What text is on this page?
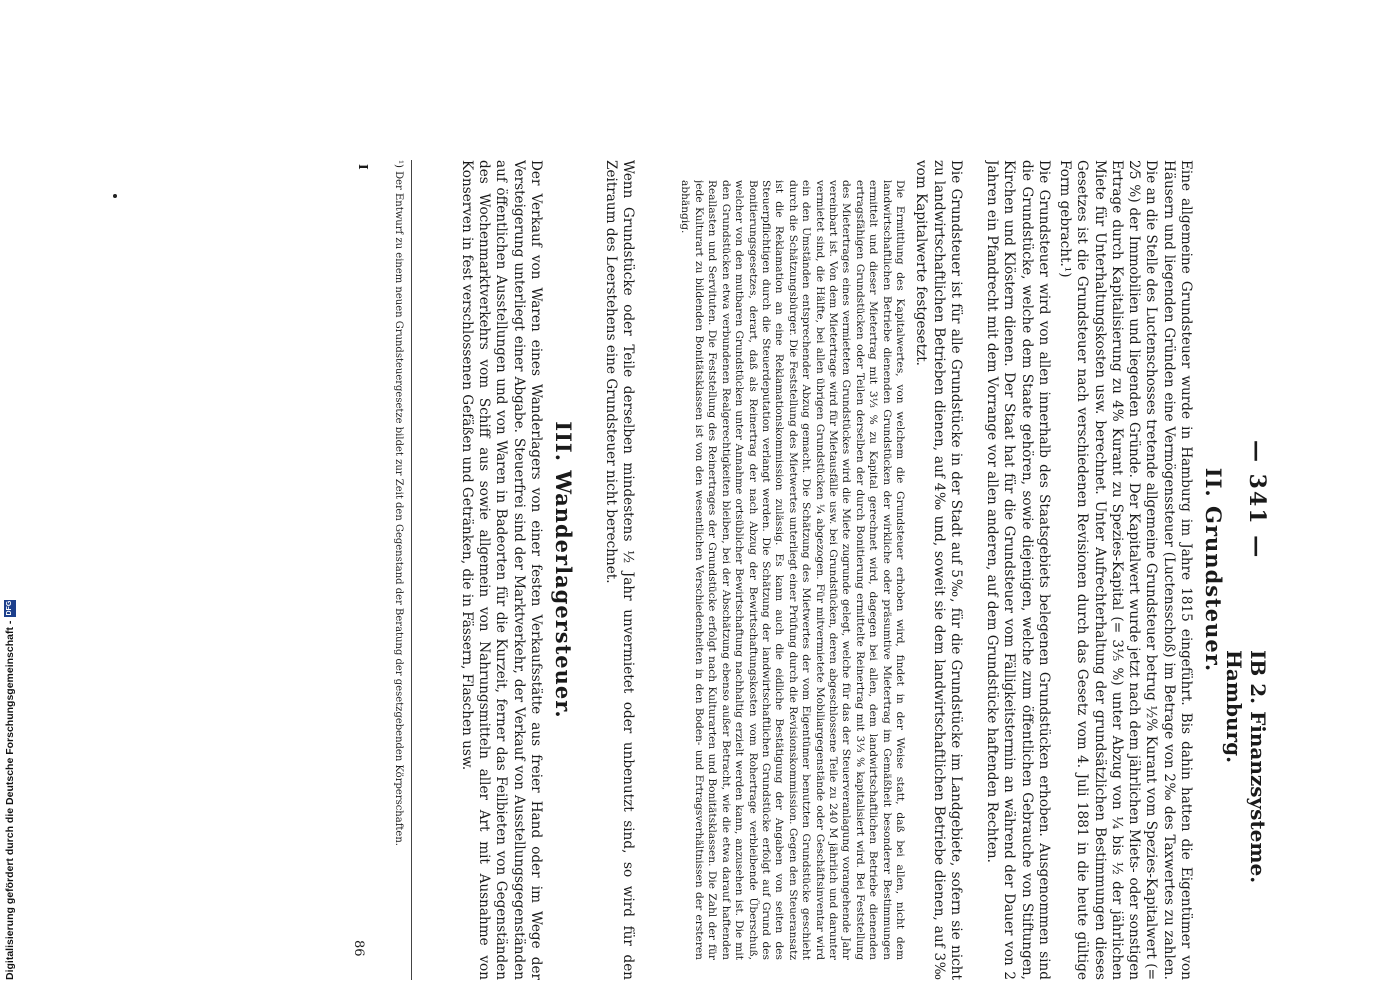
— 341 —
IB 2. Finanzsysteme. Hamburg.
II. Grundsteuer.
Eine allgemeine Grundsteuer wurde in Hamburg im Jahre 1815 eingeführt. Bis dahin hatten die Eigentümer von Häusern und liegenden Gründen eine Vermögenssteuer (Luctensschoß) im Betrage von 2‰ des Taxwertes zu zahlen. Die an die Stelle des Luctenschosses tretende allgemeine Grundsteuer betrug ½% Kurant vom Spezies-Kapitalwert (= 2⁄5 %) der Immobilien und liegenden Gründe. Der Kapitalwert wurde jetzt nach dem jährlichen Miets- oder sonstigen Ertrage durch Kapitalisierung zu 4% Kurant zu Spezies-Kapital (= 3⅕ %) unter Abzug von ¼ bis ½ der jährlichen Miete für Unterhaltungskosten usw. berechnet. Unter Aufrechterhaltung der grundsätzlichen Bestimmungen dieses Gesetzes ist die Grundsteuer nach verschiedenen Revisionen durch das Gesetz vom 4. Juli 1881 in die heute gültige Form gebracht.¹)
Die Grundsteuer wird von allen innerhalb des Staatsgebiets belegenen Grundstücken erhoben. Ausgenommen sind die Grundstücke, welche dem Staate gehören, sowie diejenigen, welche zum öffentlichen Gebrauche von Stiftungen, Kirchen und Klöstern dienen. Der Staat hat für die Grundsteuer vom Fälligkeitstermin an während der Dauer von 2 Jahren ein Pfandrecht mit dem Vorrange vor allen anderen, auf dem Grundstücke haftenden Rechten.
Die Grundsteuer ist für alle Grundstücke in der Stadt auf 5‰, für die Grundstücke im Landgebiete, sofern sie nicht zu landwirtschaftlichen Betrieben dienen, auf 4‰ und, soweit sie dem landwirtschaftlichen Betriebe dienen, auf 3‰ vom Kapitalwerte festgesetzt.
Die Ermittlung des Kapitalwertes, von welchem die Grundsteuer erhoben wird, findet in der Weise statt, daß bei allen, nicht dem landwirtschaftlichen Betriebe dienenden Grundstücken der wirkliche oder präsumtive Mietertrag im Gemäßheit besonderer Bestimmungen ermittelt und dieser Mietertrag mit 3⅓ % zu Kapital gerechnet wird, dagegen bei allen, dem landwirtschaftlichen Betriebe dienenden ertragsfähigen Grundstücken oder Teilen derselben der durch Bonitierung ermittelte Reinertrag mit 3⅓ % kapitalisiert wird. Bei Feststellung des Mietertrages eines vermieteten Grundstückes wird die Miete zugrunde gelegt, welche für das der Steuerveranlagung vorangehende Jahr vereinbart ist. Von dem Mietertrage wird für Mietausfälle usw. bei Grundstücken, deren abgeschlossene Teile zu 240 M jährlich und darunter vermietet sind, die Hälfte, bei allen übrigen Grundstücken ¼ abgezogen. Für mitvermietete Mobiliargegenstände oder Geschäftsinventar wird ein den Umständen entsprechender Abzug gemacht. Die Schätzung des Mietwertes der vom Eigentümer benutzten Grundstücke geschieht durch die Schätzungsbürger. Die Feststellung des Mietwertes unterliegt einer Prüfung durch die Revisionskommission. Gegen den Steueransatz ist die Reklamation an eine Reklamationskommission zulässig. Es kann auch die eidliche Bestätigung der Angaben von seiten des Steuerpflichtigen durch die Steuerdeputation verlangt werden. Die Schätzung der landwirtschaftlichen Grundstücke erfolgt auf Grund des Bonitierungsgesetzes, derart, daß als Reinertrag der nach Abzug der Bewirtschaftungskosten vom Rohertrage verbleibende Überschuß, welcher von den mutbaren Grundstücken unter Annahme ortsüblicher Bewirtschaftung nachhaltig erzielt werden kann, anzusehen ist. Die mit den Grundstücken etwa verbundenen Realgerechtigkeiten bleiben, bei der Abschätzung ebenso außer Betracht, wie die etwa darauf haftenden Reallasten und Servituten. Die Feststellung des Reinertrages der Grundstücke erfolgt nach Kulturarten und Bonitätsklassen. Die Zahl der für jede Kulturart zu bildenden Bonitätsklassen ist von den wesentlichen Verschiedenheiten in den Boden- und Ertragsverhältnissen der ersteren abhängig.
Wenn Grundstücke oder Teile derselben mindestens ½ Jahr unvermietet oder unbenutzt sind, so wird für den Zeitraum des Leerstehens eine Grundsteuer nicht berechnet.
III. Wanderlagersteuer.
Der Verkauf von Waren eines Wanderlagers von einer festen Verkaufsstätte aus freier Hand oder im Wege der Versteigerung unterliegt einer Abgabe. Steuerfrei sind der Marktverkehr, der Verkauf von Ausstellungsgegenständen auf öffentlichen Ausstellungen und von Waren in Badeorten für die Kurzeit, ferner das Feilbieten von Gegenständen des Wochenmarktverkehrs vom Schiff aus sowie allgemein von Nahrungsmitteln aller Art mit Ausnahme von Konserven in fest verschlossenen Gefäßen und Getränken, die in Fässern, Flaschen usw.
¹) Der Entwurf zu einem neuen Grundsteuergesetze bildet zur Zeit den Gegenstand der Beratung der gesetzgebenden Körperschaften.
I
86
Digitalisierung gefördert durch die Deutsche Forschungsgemeinschaft -
DFG
